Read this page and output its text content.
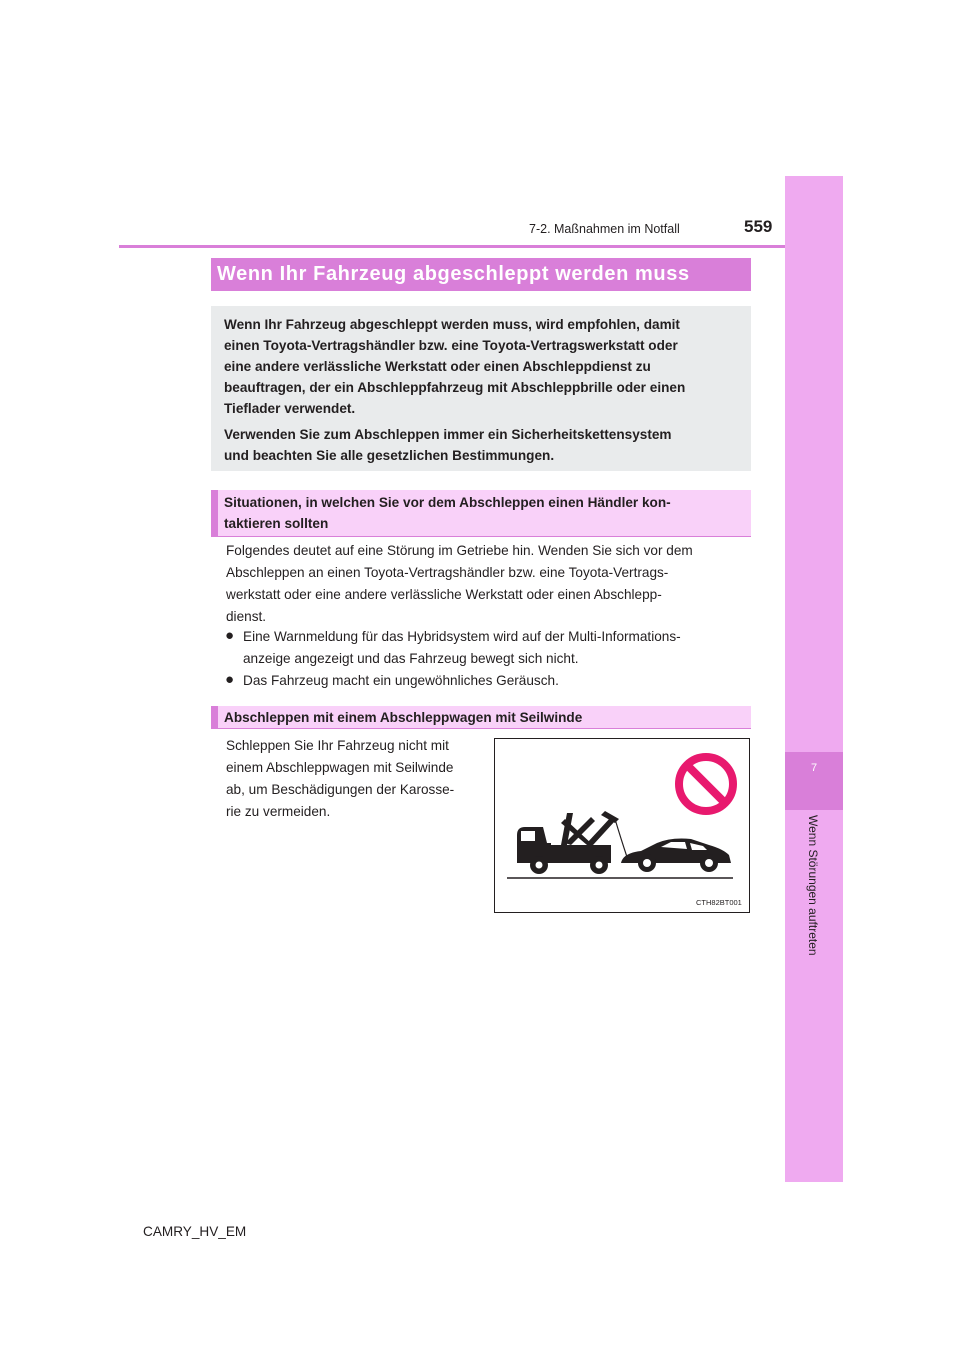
7
Wenn Störungen auftreten
7-2. Maßnahmen im Notfall	559
Wenn Ihr Fahrzeug abgeschleppt werden muss
Wenn Ihr Fahrzeug abgeschleppt werden muss, wird empfohlen, damit
einen Toyota-Vertragshändler bzw. eine Toyota-Vertragswerkstatt oder
eine andere verlässliche Werkstatt oder einen Abschleppdienst zu
beauftragen, der ein Abschleppfahrzeug mit Abschleppbrille oder einen
Tieflader verwendet.
Verwenden Sie zum Abschleppen immer ein Sicherheitskettensystem
und beachten Sie alle gesetzlichen Bestimmungen.
Situationen, in welchen Sie vor dem Abschleppen einen Händler kon-
taktieren sollten
Folgendes deutet auf eine Störung im Getriebe hin. Wenden Sie sich vor dem
Abschleppen an einen Toyota-Vertragshändler bzw. eine Toyota-Vertrags-
werkstatt oder eine andere verlässliche Werkstatt oder einen Abschlepp-
dienst.
● Eine Warnmeldung für das Hybridsystem wird auf der Multi-Informations-
anzeige angezeigt und das Fahrzeug bewegt sich nicht.
● Das Fahrzeug macht ein ungewöhnliches Geräusch.
Abschleppen mit einem Abschleppwagen mit Seilwinde
Schleppen Sie Ihr Fahrzeug nicht mit
einem Abschleppwagen mit Seilwinde
ab, um Beschädigungen der Karosse-
rie zu vermeiden.
CTH82BT001
CAMRY_HV_EM
